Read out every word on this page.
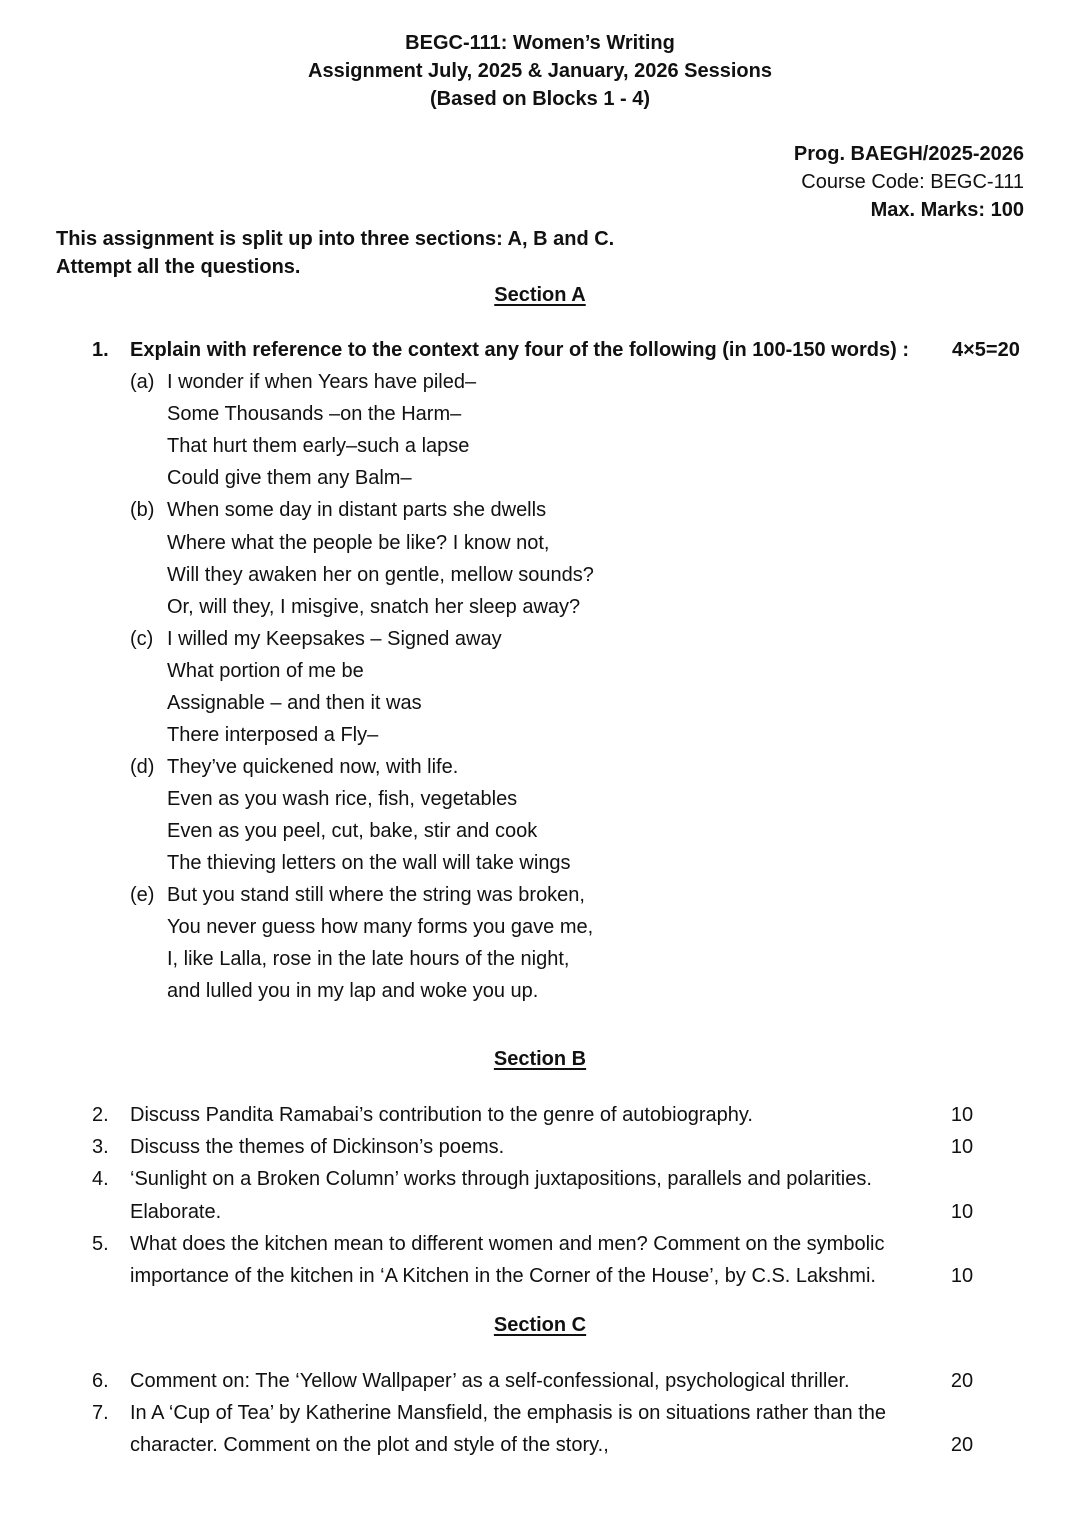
BEGC-111: Women’s Writing
Assignment July, 2025 & January, 2026 Sessions
(Based on Blocks 1 - 4)
Prog. BAEGH/2025-2026
Course Code: BEGC-111
Max. Marks: 100
This assignment is split up into three sections: A, B and C.
Attempt all the questions.
Section A
1. Explain with reference to the context any four of the following (in 100-150 words) : 4×5=20
(a) I wonder if when Years have piled–
Some Thousands –on the Harm–
That hurt them early–such a lapse
Could give them any Balm–
(b) When some day in distant parts she dwells
Where what the people be like? I know not,
Will they awaken her on gentle, mellow sounds?
Or, will they, I misgive, snatch her sleep away?
(c) I willed my Keepsakes – Signed away
What portion of me be
Assignable – and then it was
There interposed a Fly–
(d) They’ve quickened now, with life.
Even as you wash rice, fish, vegetables
Even as you peel, cut, bake, stir and cook
The thieving letters on the wall will take wings
(e) But you stand still where the string was broken,
You never guess how many forms you gave me,
I, like Lalla, rose in the late hours of the night,
and lulled you in my lap and woke you up.
Section B
2. Discuss Pandita Ramabai’s contribution to the genre of autobiography.	10
3. Discuss the themes of Dickinson’s poems.	10
4. ‘Sunlight on a Broken Column’ works through juxtapositions, parallels and polarities.
Elaborate.	10
5. What does the kitchen mean to different women and men? Comment on the symbolic
importance of the kitchen in ‘A Kitchen in the Corner of the House’, by C.S. Lakshmi.	10
Section C
6. Comment on: The ‘Yellow Wallpaper’ as a self-confessional, psychological thriller.	20
7. In A ‘Cup of Tea’ by Katherine Mansfield, the emphasis is on situations rather than the
character. Comment on the plot and style of the story.,	20
